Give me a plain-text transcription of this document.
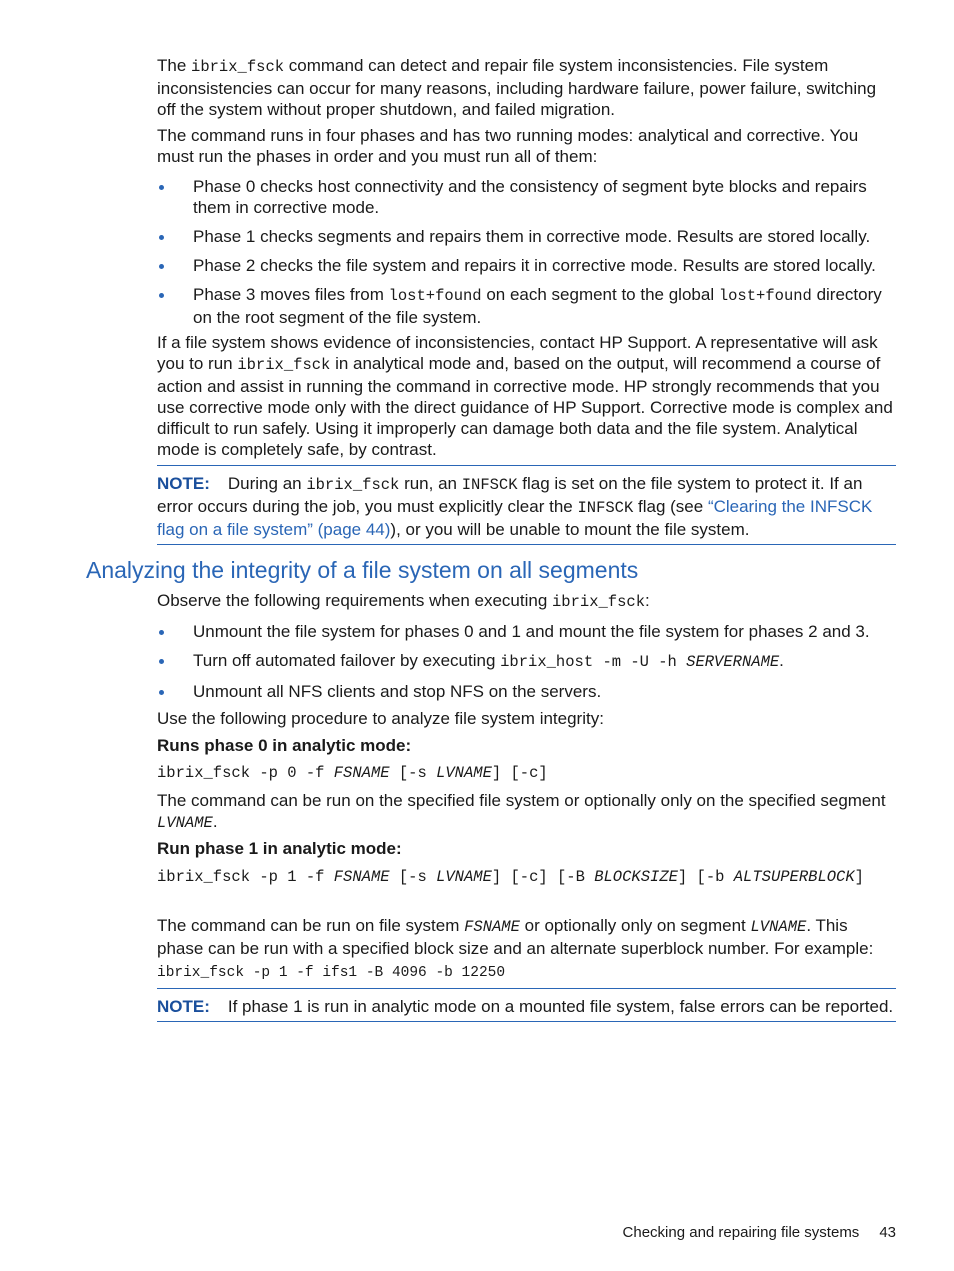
The ibrix_fsck command can detect and repair file system inconsistencies. File system inconsistencies can occur for many reasons, including hardware failure, power failure, switching off the system without proper shutdown, and failed migration.

The command runs in four phases and has two running modes: analytical and corrective. You must run the phases in order and you must run all of them:

Phase 0 checks host connectivity and the consistency of segment byte blocks and repairs them in corrective mode.
Phase 1 checks segments and repairs them in corrective mode. Results are stored locally.
Phase 2 checks the file system and repairs it in corrective mode. Results are stored locally.
Phase 3 moves files from lost+found on each segment to the global lost+found directory on the root segment of the file system.

If a file system shows evidence of inconsistencies, contact HP Support. A representative will ask you to run ibrix_fsck in analytical mode and, based on the output, will recommend a course of action and assist in running the command in corrective mode. HP strongly recommends that you use corrective mode only with the direct guidance of HP Support. Corrective mode is complex and difficult to run safely. Using it improperly can damage both data and the file system. Analytical mode is completely safe, by contrast.

NOTE: During an ibrix_fsck run, an INFSCK flag is set on the file system to protect it. If an error occurs during the job, you must explicitly clear the INFSCK flag (see “Clearing the INFSCK flag on a file system” (page 44)), or you will be unable to mount the file system.
Analyzing the integrity of a file system on all segments

Observe the following requirements when executing ibrix_fsck:

Unmount the file system for phases 0 and 1 and mount the file system for phases 2 and 3.
Turn off automated failover by executing ibrix_host -m -U -h SERVERNAME.
Unmount all NFS clients and stop NFS on the servers.

Use the following procedure to analyze file system integrity:

Runs phase 0 in analytic mode:

ibrix_fsck -p 0 -f FSNAME [-s LVNAME] [-c]

The command can be run on the specified file system or optionally only on the specified segment LVNAME.

Run phase 1 in analytic mode:

ibrix_fsck -p 1 -f FSNAME [-s LVNAME] [-c] [-B BLOCKSIZE] [-b ALTSUPERBLOCK]

The command can be run on file system FSNAME or optionally only on segment LVNAME. This phase can be run with a specified block size and an alternate superblock number. For example:

ibrix_fsck -p 1 -f ifs1 -B 4096 -b 12250

NOTE: If phase 1 is run in analytic mode on a mounted file system, false errors can be reported.
Checking and repairing file systems 43
